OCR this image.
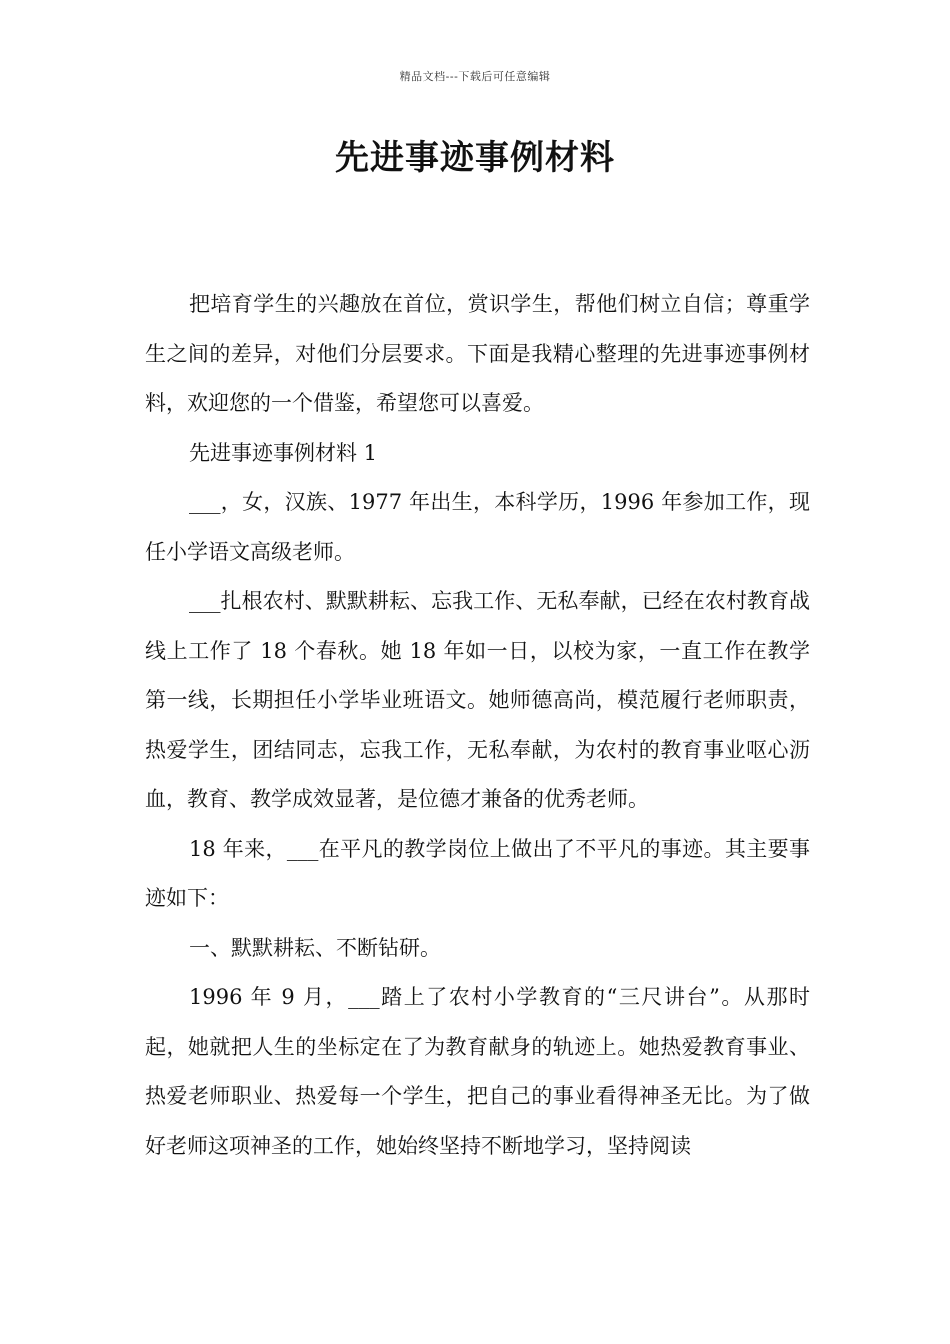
精品文档---下载后可任意编辑
先进事迹事例材料

把培育学生的兴趣放在首位，赏识学生，帮他们树立自信；尊重学生之间的差异，对他们分层要求。下面是我精心整理的先进事迹事例材料，欢迎您的一个借鉴，希望您可以喜爱。

先进事迹事例材料 1

___，女，汉族、1977 年出生，本科学历，1996 年参加工作，现任小学语文高级老师。

___扎根农村、默默耕耘、忘我工作、无私奉献，已经在农村教育战线上工作了 18 个春秋。她 18 年如一日，以校为家，一直工作在教学第一线，长期担任小学毕业班语文。她师德高尚，模范履行老师职责，热爱学生，团结同志，忘我工作，无私奉献，为农村的教育事业呕心沥血，教育、教学成效显著，是位德才兼备的优秀老师。

18 年来，___在平凡的教学岗位上做出了不平凡的事迹。其主要事迹如下：

一、默默耕耘、不断钻研。

1996 年 9 月，___踏上了农村小学教育的“三尺讲台”。从那时起，她就把人生的坐标定在了为教育献身的轨迹上。她热爱教育事业、热爱老师职业、热爱每一个学生，把自己的事业看得神圣无比。为了做好老师这项神圣的工作，她始终坚持不断地学习，坚持阅读
